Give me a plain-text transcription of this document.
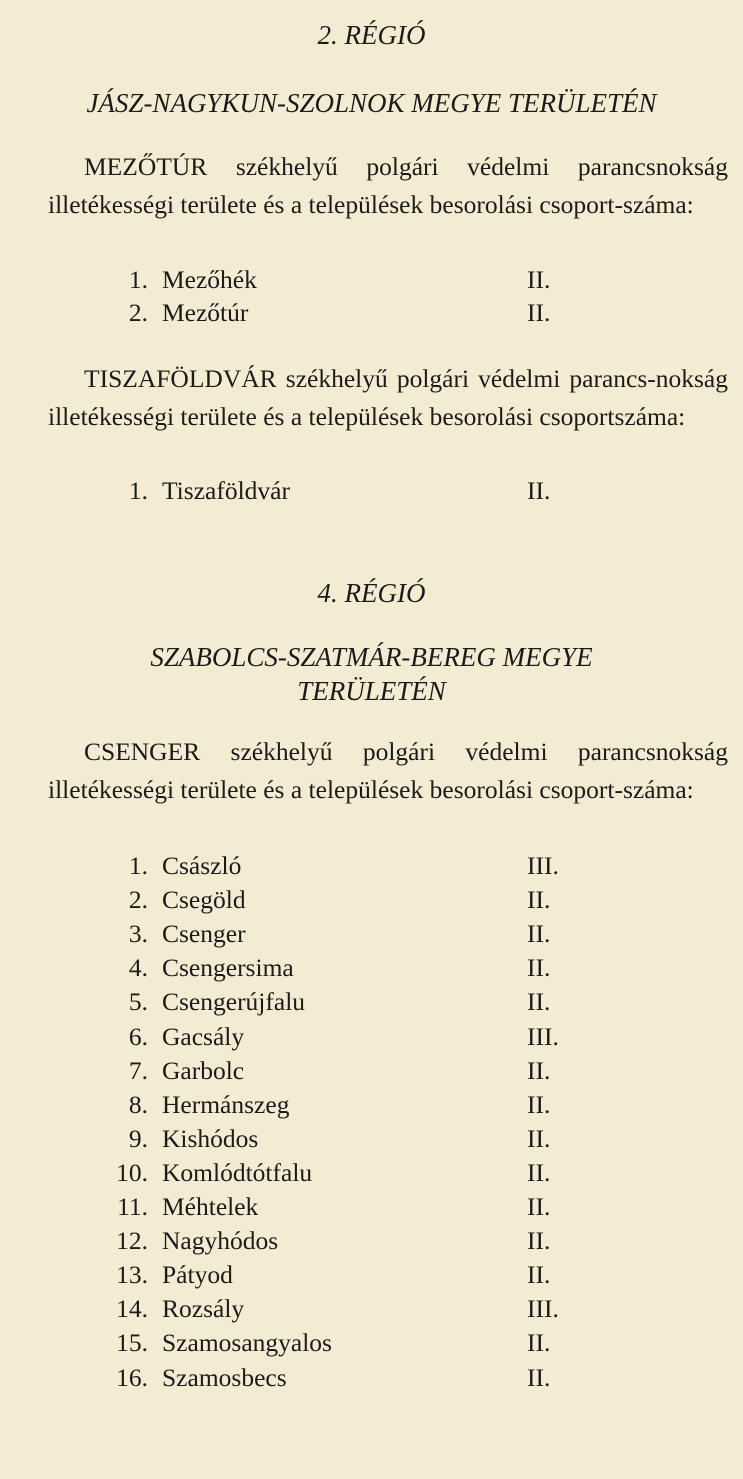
2. RÉGIÓ
JÁSZ-NAGYKUN-SZOLNOK MEGYE TERÜLETÉN

MEZŐTÚR székhelyű polgári védelmi parancsnokság illetékességi területe és a települések besorolási csoport-száma:

1. Mezőhék	II.
2. Mezőtúr	II.

TISZAFÖLDVÁR székhelyű polgári védelmi parancs-nokság illetékességi területe és a települések besorolási csoportszáma:

1. Tiszaföldvár	II.
4. RÉGIÓ
SZABOLCS-SZATMÁR-BEREG MEGYE
TERÜLETÉN

CSENGER székhelyű polgári védelmi parancsnokság illetékességi területe és a települések besorolási csoport-száma:

1. Császló	III.
2. Csegöld	II.
3. Csenger	II.
4. Csengersima	II.
5. Csengerújfalu	II.
6. Gacsály	III.
7. Garbolc	II.
8. Hermánszeg	II.
9. Kishódos	II.
10. Komlódtótfalu	II.
11. Méhtelek	II.
12. Nagyhódos	II.
13. Pátyod	II.
14. Rozsály	III.
15. Szamosangyalos	II.
16. Szamosbecs	II.
